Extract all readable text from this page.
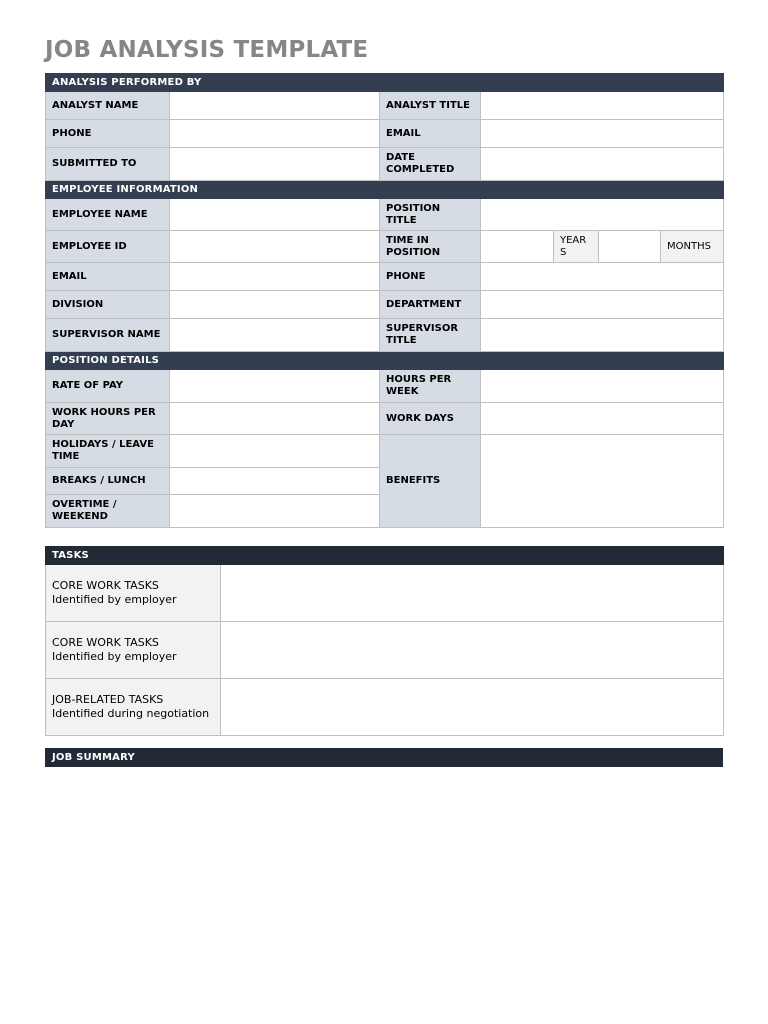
JOB ANALYSIS TEMPLATE
ANALYSIS PERFORMED BY						
ANALYST NAME		ANALYST TITLE				
PHONE		EMAIL				
SUBMITTED TO		DATE COMPLETED				
EMPLOYEE INFORMATION						
EMPLOYEE NAME		POSITION TITLE				
EMPLOYEE ID		TIME IN POSITION		YEARS		MONTHS
EMAIL		PHONE				
DIVISION		DEPARTMENT				
SUPERVISOR NAME		SUPERVISOR TITLE				
POSITION DETAILS						
RATE OF PAY		HOURS PER WEEK				
WORK HOURS PER DAY		WORK DAYS				
HOLIDAYS / LEAVE TIME		BENEFITS				
BREAKS / LUNCH						
OVERTIME / WEEKEND						
TASKS	

CORE WORK TASKS
Identified by employer	

CORE WORK TASKS
Identified by employer	

JOB-RELATED TASKS
Identified during negotiation	

JOB SUMMARY
